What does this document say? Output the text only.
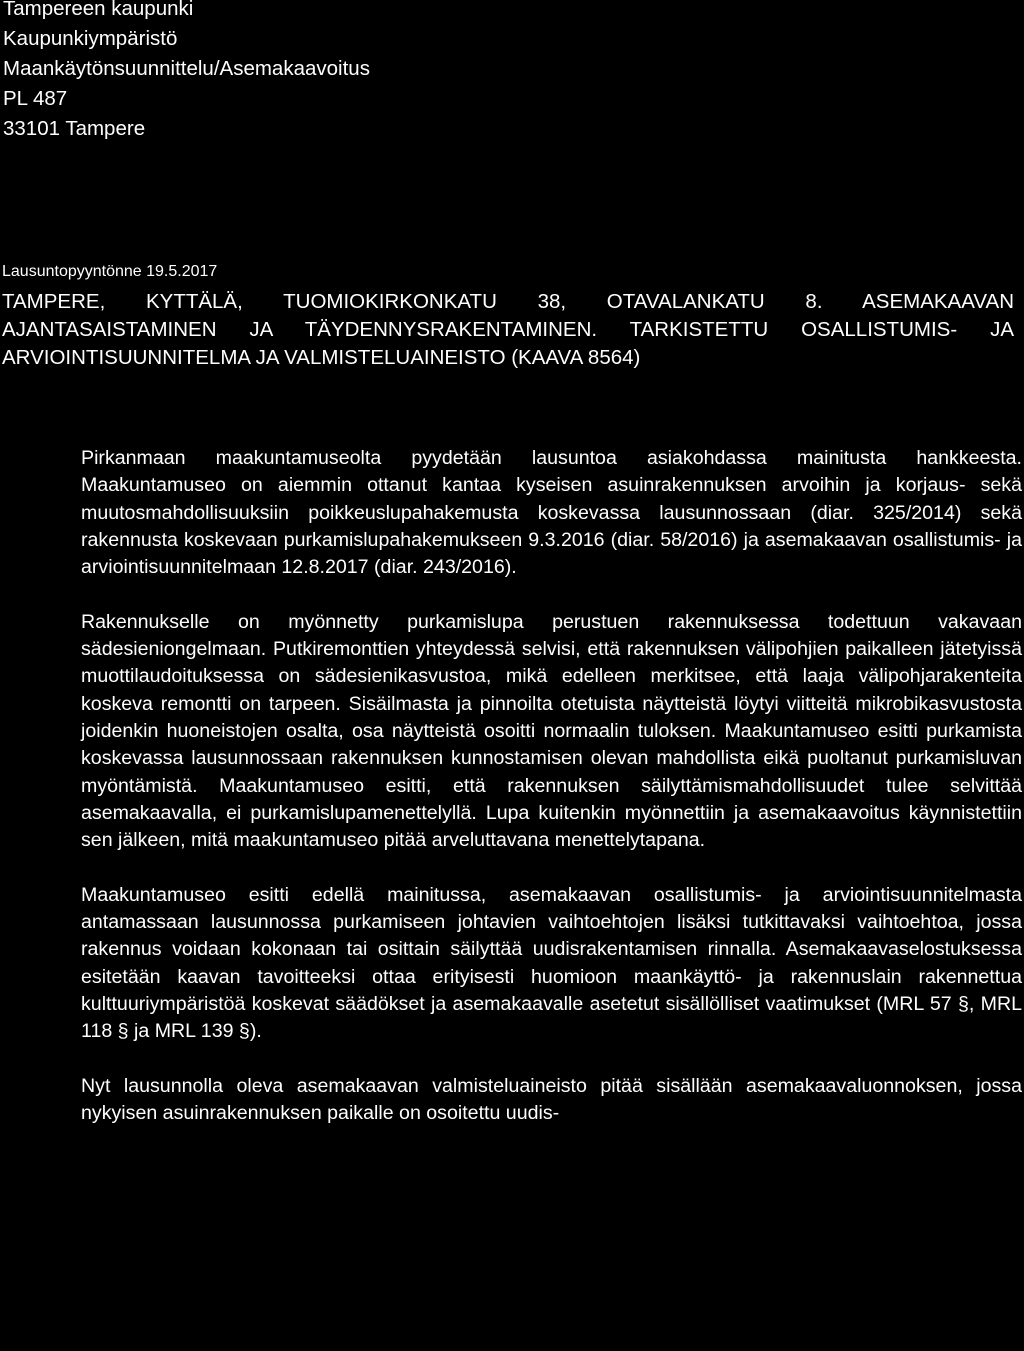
Tampereen kaupunki
Kaupunkiympäristö
Maankäytönsuunnittelu/Asemakaavoitus
PL 487
33101 Tampere
Lausuntopyyntönne 19.5.2017
TAMPERE, KYTTÄLÄ, TUOMIOKIRKONKATU 38, OTAVALANKATU 8. ASEMAKAAVAN AJANTASAISTAMINEN JA TÄYDENNYSRAKENTAMINEN. TARKISTETTU OSALLISTUMIS- JA ARVIOINTISUUNNITELMA JA VALMISTELUAINEISTO (KAAVA 8564)

Pirkanmaan maakuntamuseolta pyydetään lausuntoa asiakohdassa mainitusta hankkeesta. Maakuntamuseo on aiemmin ottanut kantaa kyseisen asuinrakennuksen arvoihin ja korjaus- sekä muutosmahdollisuuksiin poikkeuslupahakemusta koskevassa lausunnossaan (diar. 325/2014) sekä rakennusta koskevaan purkamislupahakemukseen 9.3.2016 (diar. 58/2016) ja asemakaavan osallistumis- ja arviointisuunnitelmaan 12.8.2017 (diar. 243/2016).

Rakennukselle on myönnetty purkamislupa perustuen rakennuksessa todettuun vakavaan sädesieniongelmaan. Putkiremonttien yhteydessä selvisi, että rakennuksen välipohjien paikalleen jätetyissä muottilaudoituksessa on sädesienikasvustoa, mikä edelleen merkitsee, että laaja välipohjarakenteita koskeva remontti on tarpeen. Sisäilmasta ja pinnoilta otetuista näytteistä löytyi viitteitä mikrobikasvustosta joidenkin huoneistojen osalta, osa näytteistä osoitti normaalin tuloksen. Maakuntamuseo esitti purkamista koskevassa lausunnossaan rakennuksen kunnostamisen olevan mahdollista eikä puoltanut purkamisluvan myöntämistä. Maakuntamuseo esitti, että rakennuksen säilyttämismahdollisuudet tulee selvittää asemakaavalla, ei purkamislupamenettelyllä. Lupa kuitenkin myönnettiin ja asemakaavoitus käynnistettiin sen jälkeen, mitä maakuntamuseo pitää arveluttavana menettelytapana.

Maakuntamuseo esitti edellä mainitussa, asemakaavan osallistumis- ja arviointisuunnitelmasta antamassaan lausunnossa purkamiseen johtavien vaihtoehtojen lisäksi tutkittavaksi vaihtoehtoa, jossa rakennus voidaan kokonaan tai osittain säilyttää uudisrakentamisen rinnalla. Asemakaavaselostuksessa esitetään kaavan tavoitteeksi ottaa erityisesti huomioon maankäyttö- ja rakennuslain rakennettua kulttuuriympäristöä koskevat säädökset ja asemakaavalle asetetut sisällölliset vaatimukset (MRL 57 §, MRL 118 § ja MRL 139 §).

Nyt lausunnolla oleva asemakaavan valmisteluaineisto pitää sisällään asemakaavaluonnoksen, jossa nykyisen asuinrakennuksen paikalle on osoitettu uudis-
